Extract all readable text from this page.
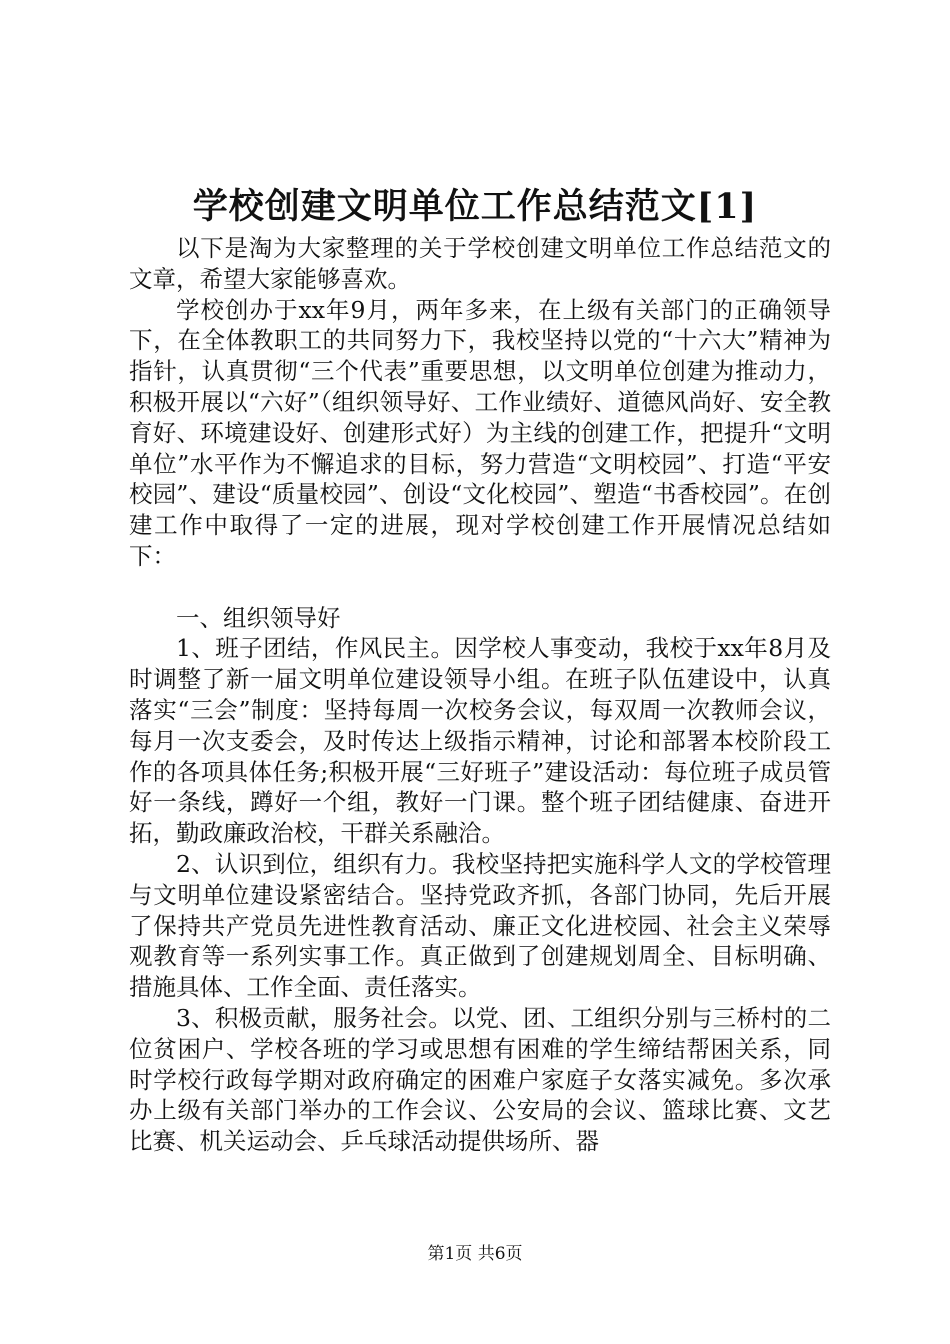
学校创建文明单位工作总结范文[1]

以下是淘为大家整理的关于学校创建文明单位工作总结范文的文章，希望大家能够喜欢。

学校创办于xx年9月，两年多来，在上级有关部门的正确领导下，在全体教职工的共同努力下，我校坚持以党的“十六大”精神为指针，认真贯彻“三个代表”重要思想，以文明单位创建为推动力，积极开展以“六好”（组织领导好、工作业绩好、道德风尚好、安全教育好、环境建设好、创建形式好）为主线的创建工作，把提升“文明单位”水平作为不懈追求的目标，努力营造“文明校园”、打造“平安校园”、建设“质量校园”、创设“文化校园”、塑造“书香校园”。在创建工作中取得了一定的进展，现对学校创建工作开展情况总结如下：

一、组织领导好

1、班子团结，作风民主。因学校人事变动，我校于xx年8月及时调整了新一届文明单位建设领导小组。在班子队伍建设中，认真落实“三会”制度：坚持每周一次校务会议，每双周一次教师会议，每月一次支委会，及时传达上级指示精神，讨论和部署本校阶段工作的各项具体任务;积极开展“三好班子”建设活动：每位班子成员管好一条线，蹲好一个组，教好一门课。整个班子团结健康、奋进开拓，勤政廉政治校，干群关系融洽。

2、认识到位，组织有力。我校坚持把实施科学人文的学校管理与文明单位建设紧密结合。坚持党政齐抓，各部门协同，先后开展了保持共产党员先进性教育活动、廉正文化进校园、社会主义荣辱观教育等一系列实事工作。真正做到了创建规划周全、目标明确、措施具体、工作全面、责任落实。

3、积极贡献，服务社会。以党、团、工组织分别与三桥村的二位贫困户、学校各班的学习或思想有困难的学生缔结帮困关系，同时学校行政每学期对政府确定的困难户家庭子女落实减免。多次承办上级有关部门举办的工作会议、公安局的会议、篮球比赛、文艺比赛、机关运动会、乒乓球活动提供场所、器

第1页 共6页
